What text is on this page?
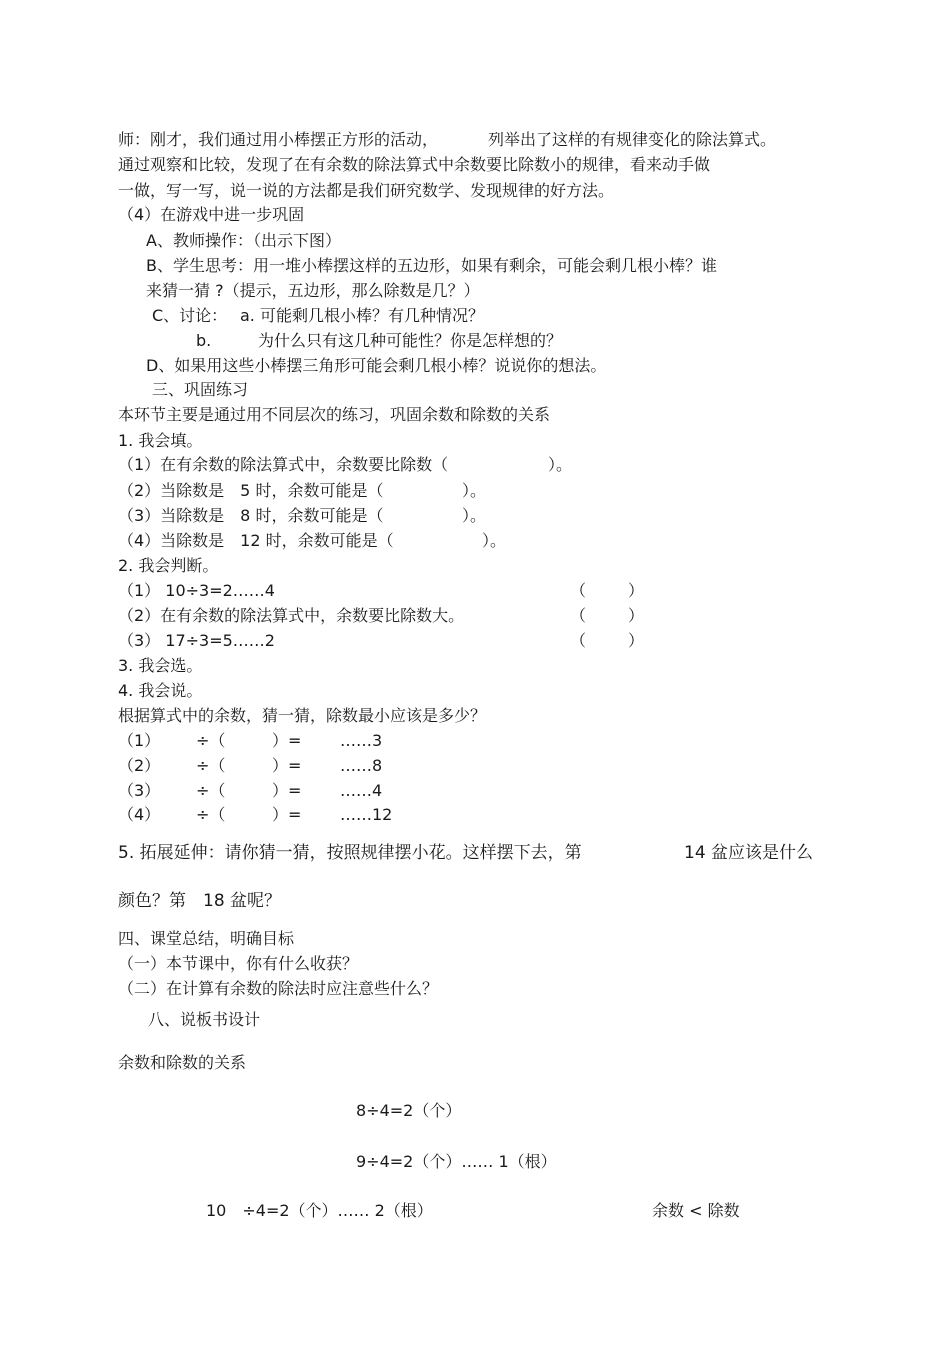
师：刚才，我们通过用小棒摆正方形的活动，	列举出了这样的有规律变化的除法算式。
通过观察和比较，发现了在有余数的除法算式中余数要比除数小的规律，看来动手做
一做，写一写，说一说的方法都是我们研究数学、发现规律的好方法。
（4）在游戏中进一步巩固
A、教师操作：（出示下图）
B、学生思考：用一堆小棒摆这样的五边形，如果有剩余，可能会剩几根小棒？谁
来猜一猜 ?（提示，五边形，那么除数是几？）
C、讨论： a. 可能剩几根小棒？有几种情况？
b.	为什么只有这几种可能性？你是怎样想的？
D、如果用这些小棒摆三角形可能会剩几根小棒？说说你的想法。
三、巩固练习
本环节主要是通过用不同层次的练习，巩固余数和除数的关系
1. 我会填。
（1）在有余数的除法算式中，余数要比除数（	）。
（2）当除数是　5 时，余数可能是（	）。
（3）当除数是　8 时，余数可能是（	）。
（4）当除数是　12 时，余数可能是（	）。
2. 我会判断。
（1） 10÷3=2……4	（	）
（2）在有余数的除法算式中，余数要比除数大。	（	）
（3） 17÷3=5……2	（	）
3. 我会选。
4. 我会说。
根据算式中的余数，猜一猜，除数最小应该是多少？
（1） ÷（	）= ……3
（2） ÷（	）= ……8
（3） ÷（	）= ……4
（4） ÷（	）= ……12
5. 拓展延伸：请你猜一猜，按照规律摆小花。这样摆下去，第	14 盆应该是什么
颜色？第　18 盆呢？
四、课堂总结，明确目标
（一）本节课中，你有什么收获？
（二）在计算有余数的除法时应注意些什么？
八、说板书设计
余数和除数的关系
8÷4=2（个）
9÷4=2（个）…… 1（根）
10　÷4=2（个）…… 2（根）	余数 < 除数
